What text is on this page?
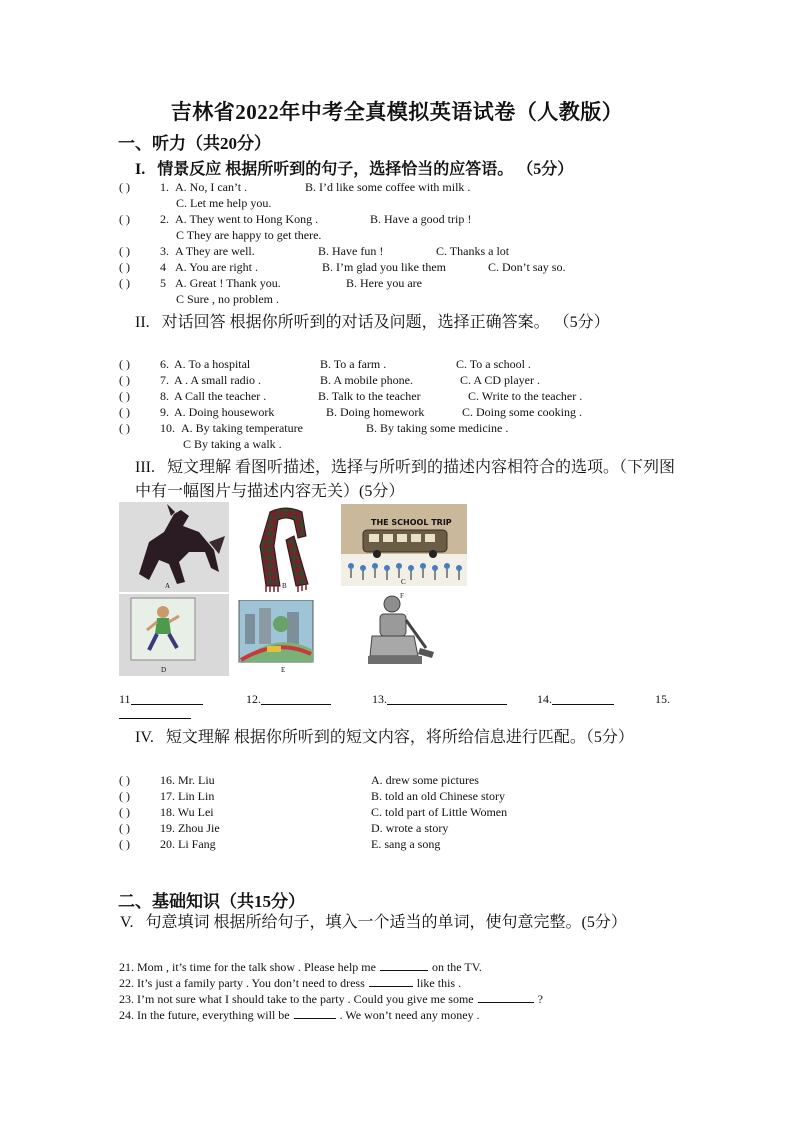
吉林省2022年中考全真模拟英语试卷（人教版）
一、听力（共20分）
I. 情景反应 根据所听到的句子，选择恰当的应答语。 （5分）
( )	1. A. No, I can’t .	B. I’d like some coffee with milk .
C. Let me help you.
( )	2. A. They went to Hong Kong .	B. Have a good trip !
C They are happy to get there.
( )	3. A They are well.	B. Have fun !	C. Thanks a lot
( )	4 A. You are right .	B. I’m glad you like them	C. Don’t say so.
( )	5 A. Great ! Thank you.	B. Here you are
C Sure , no problem .
II. 对话回答 根据你所听到的对话及问题，选择正确答案。 （5分）
( )	6. A. To a hospital	B. To a farm .	C. To a school .
( )	7. A . A small radio .	B. A mobile phone.	C. A CD player .
( )	8. A Call the teacher .	B. Talk to the teacher	C. Write to the teacher .
( )	9. A. Doing housework	B. Doing homework	C. Doing some cooking .
( )	10. A. By taking temperature	B. By taking some medicine .
C By taking a walk .
III. 短文理解 看图听描述，选择与所听到的描述内容相符合的选项。（下列图中有一幅图片与描述内容无关）(5分）
A	B
THE SCHOOL TRIP
C
D	E
F
11	12.	13.	14.	15.
IV. 短文理解 根据你所听到的短文内容，将所给信息进行匹配。（5分）
( )	16. Mr. Liu	A. drew some pictures
( )	17. Lin Lin	B. told an old Chinese story
( )	18. Wu Lei	C. told part of Little Women
( )	19. Zhou Jie	D. wrote a story
( )	20. Li Fang	E. sang a song
二、基础知识（共15分）
V. 句意填词 根据所给句子，填入一个适当的单词，使句意完整。(5分）
21. Mom , it’s time for the talk show . Please help me	on the TV.
22. It’s just a family party . You don’t need to dress	like this .
23. I’m not sure what I should take to the party . Could you give me some	?
24. In the future, everything will be	. We won’t need any money .
